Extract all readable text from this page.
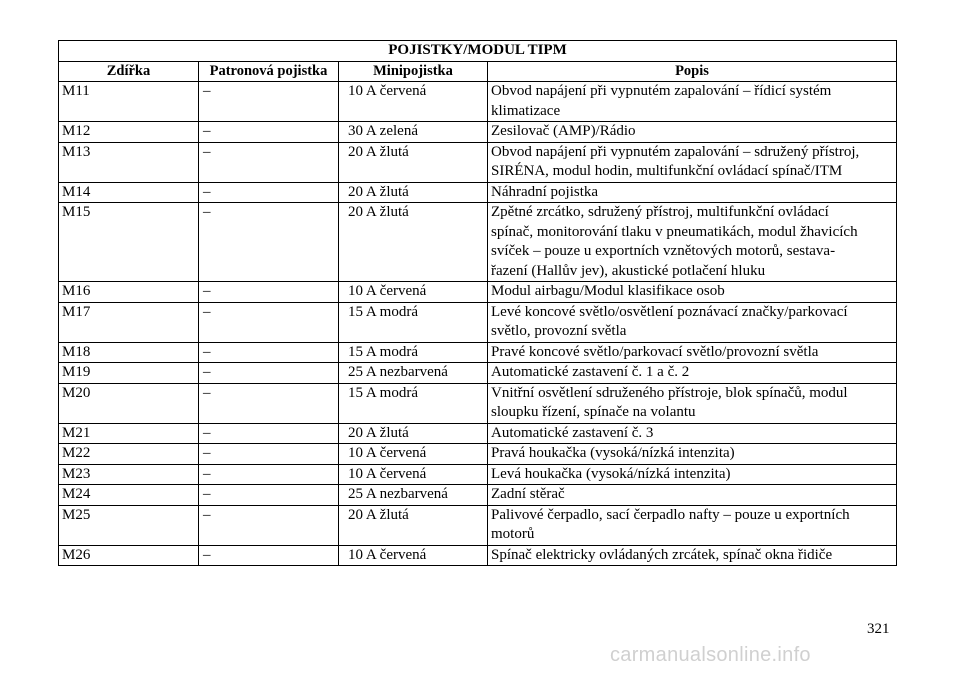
POJISTKY/MODUL TIPM			
Zdířka	Patronová pojistka	Minipojistka	Popis
M11	–	10 A červená	Obvod napájení při vypnutém zapalování – řídicí systém
klimatizace

M12	–	30 A zelená	Zesilovač (AMP)/Rádio
M13	–	20 A žlutá	Obvod napájení při vypnutém zapalování – sdružený přístroj,
SIRÉNA, modul hodin, multifunkční ovládací spínač/ITM

M14	–	20 A žlutá	Náhradní pojistka
M15	–	20 A žlutá	Zpětné zrcátko, sdružený přístroj, multifunkční ovládací
spínač, monitorování tlaku v pneumatikách, modul žhavicích
svíček – pouze u exportních vznětových motorů, sestava-
řazení (Hallův jev), akustické potlačení hluku

M16	–	10 A červená	Modul airbagu/Modul klasifikace osob
M17	–	15 A modrá	Levé koncové světlo/osvětlení poznávací značky/parkovací
světlo, provozní světla

M18	–	15 A modrá	Pravé koncové světlo/parkovací světlo/provozní světla
M19	–	25 A nezbarvená	Automatické zastavení č. 1 a č. 2
M20	–	15 A modrá	Vnitřní osvětlení sdruženého přístroje, blok spínačů, modul
sloupku řízení, spínače na volantu

M21	–	20 A žlutá	Automatické zastavení č. 3
M22	–	10 A červená	Pravá houkačka (vysoká/nízká intenzita)
M23	–	10 A červená	Levá houkačka (vysoká/nízká intenzita)
M24	–	25 A nezbarvená	Zadní stěrač
M25	–	20 A žlutá	Palivové čerpadlo, sací čerpadlo nafty – pouze u exportních
motorů

M26	–	10 A červená	Spínač elektricky ovládaných zrcátek, spínač okna řidiče
321
carmanualsonline.info
